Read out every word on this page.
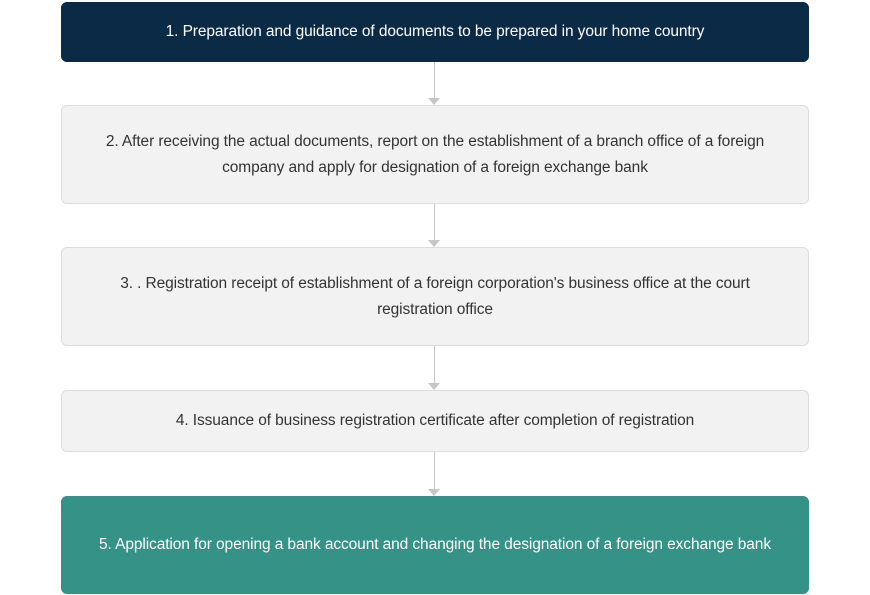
1. Preparation and guidance of documents to be prepared in your home country
2. After receiving the actual documents, report on the establishment of a branch office of a foreign company and apply for designation of a foreign exchange bank
3. . Registration receipt of establishment of a foreign corporation's business office at the court registration office
4. Issuance of business registration certificate after completion of registration
5. Application for opening a bank account and changing the designation of a foreign exchange bank
